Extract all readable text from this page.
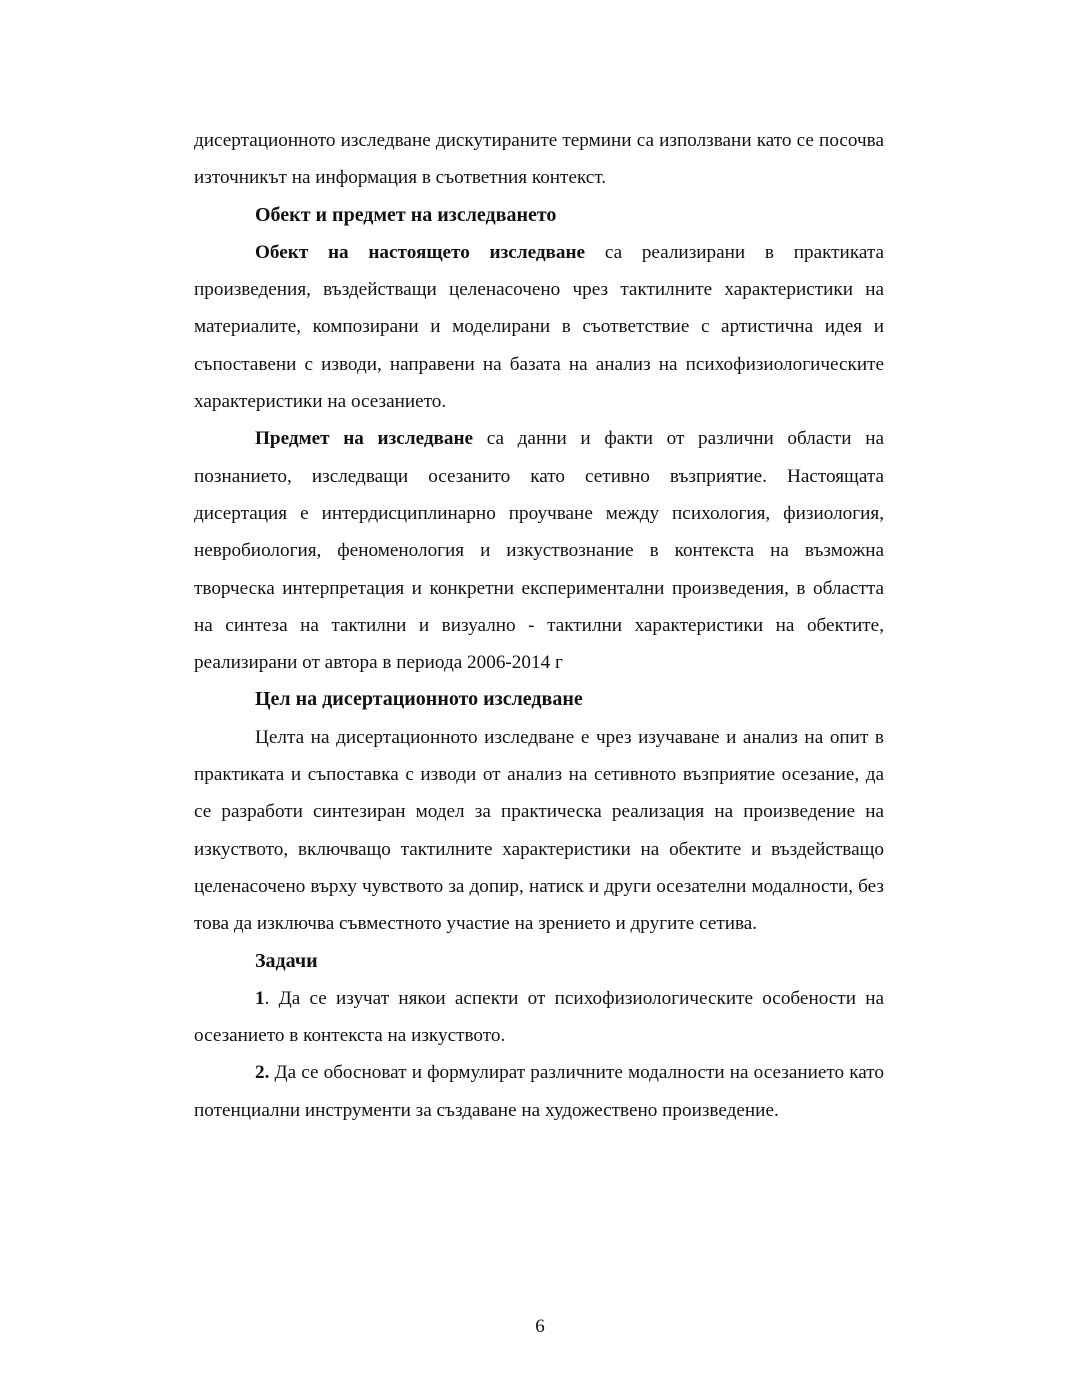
дисертационното изследване дискутираните термини са използвани като се посочва източникът на информация в съответния контекст.

Обект и предмет на изследването

Обект на настоящето изследване са реализирани в практиката произведения, въздействащи целенасочено чрез тактилните характеристики на материалите, композирани и моделирани в съответствие с артистична идея и съпоставени с изводи, направени на базата на анализ на психофизиологическите характеристики на осезанието.

Предмет на изследване са данни и факти от различни области на познанието, изследващи осезанито като сетивно възприятие. Настоящата дисертация е интердисциплинарно проучване между психология, физиология, невробиология, феноменология и изкуствознание в контекста на възможна творческа интерпретация и конкретни експериментални произведения, в областта на синтеза на тактилни и визуално - тактилни характеристики на обектите, реализирани от автора в периода 2006-2014 г

Цел на дисертационното изследване

Целта на дисертационното изследване е чрез изучаване и анализ на опит в практиката и съпоставка с изводи от анализ на сетивното възприятие осезание, да се разработи синтезиран модел за практическа реализация на произведение на изкуството, включващо тактилните характеристики на обектите и въздействащо целенасочено върху чувството за допир, натиск и други осезателни модалности, без това да изключва съвместното участие на зрението и другите сетива.

Задачи

1. Да се изучат някои аспекти от психофизиологическите особености на осезанието в контекста на изкуството.

2. Да се обосноват и формулират различните модалности на осезанието като потенциални инструменти за създаване на художествено произведение.

6
